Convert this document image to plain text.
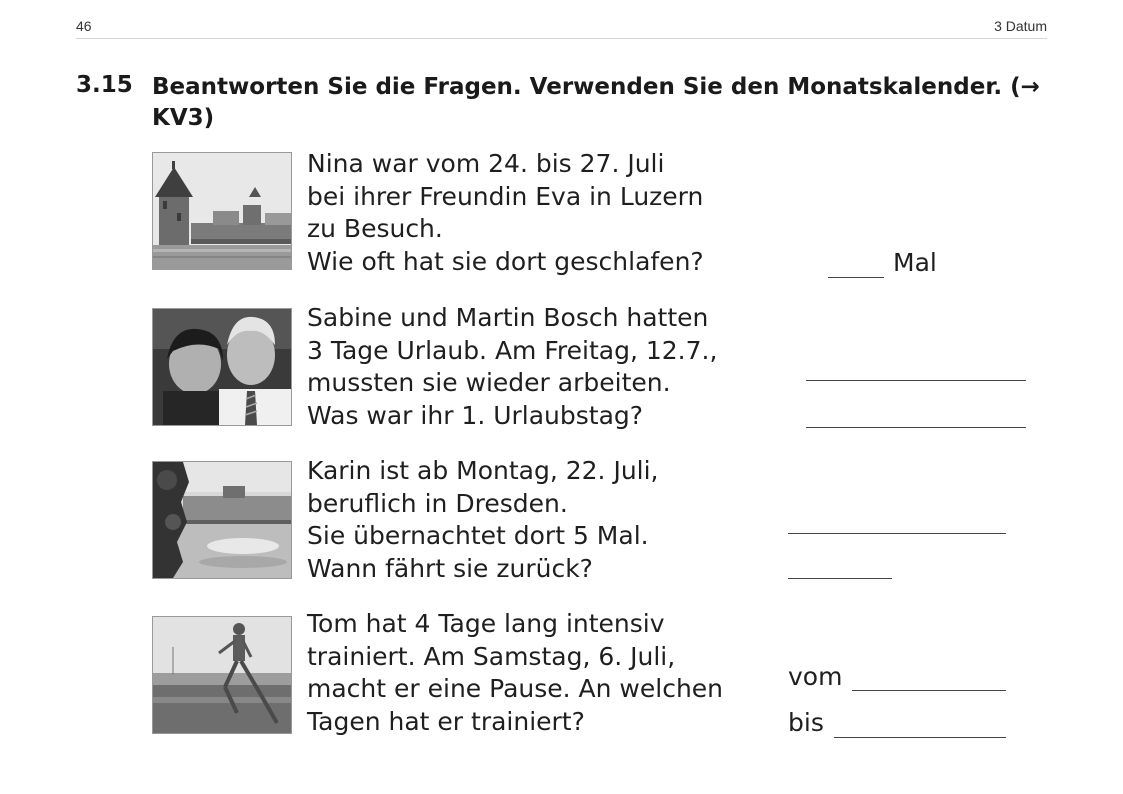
46	3 Datum
3.15 Beantworten Sie die Fragen. Verwenden Sie den Monatskalender. (→ KV3)
Nina war vom 24. bis 27. Juli
bei ihrer Freundin Eva in Luzern
zu Besuch.
Wie oft hat sie dort geschlafen?	Mal
Sabine und Martin Bosch hatten
3 Tage Urlaub. Am Freitag, 12.7.,
mussten sie wieder arbeiten.
Was war ihr 1. Urlaubstag?
Karin ist ab Montag, 22. Juli,
beruflich in Dresden.
Sie übernachtet dort 5 Mal.
Wann fährt sie zurück?
Tom hat 4 Tage lang intensiv
trainiert. Am Samstag, 6. Juli,
macht er eine Pause. An welchen
Tagen hat er trainiert?
vom
bis
